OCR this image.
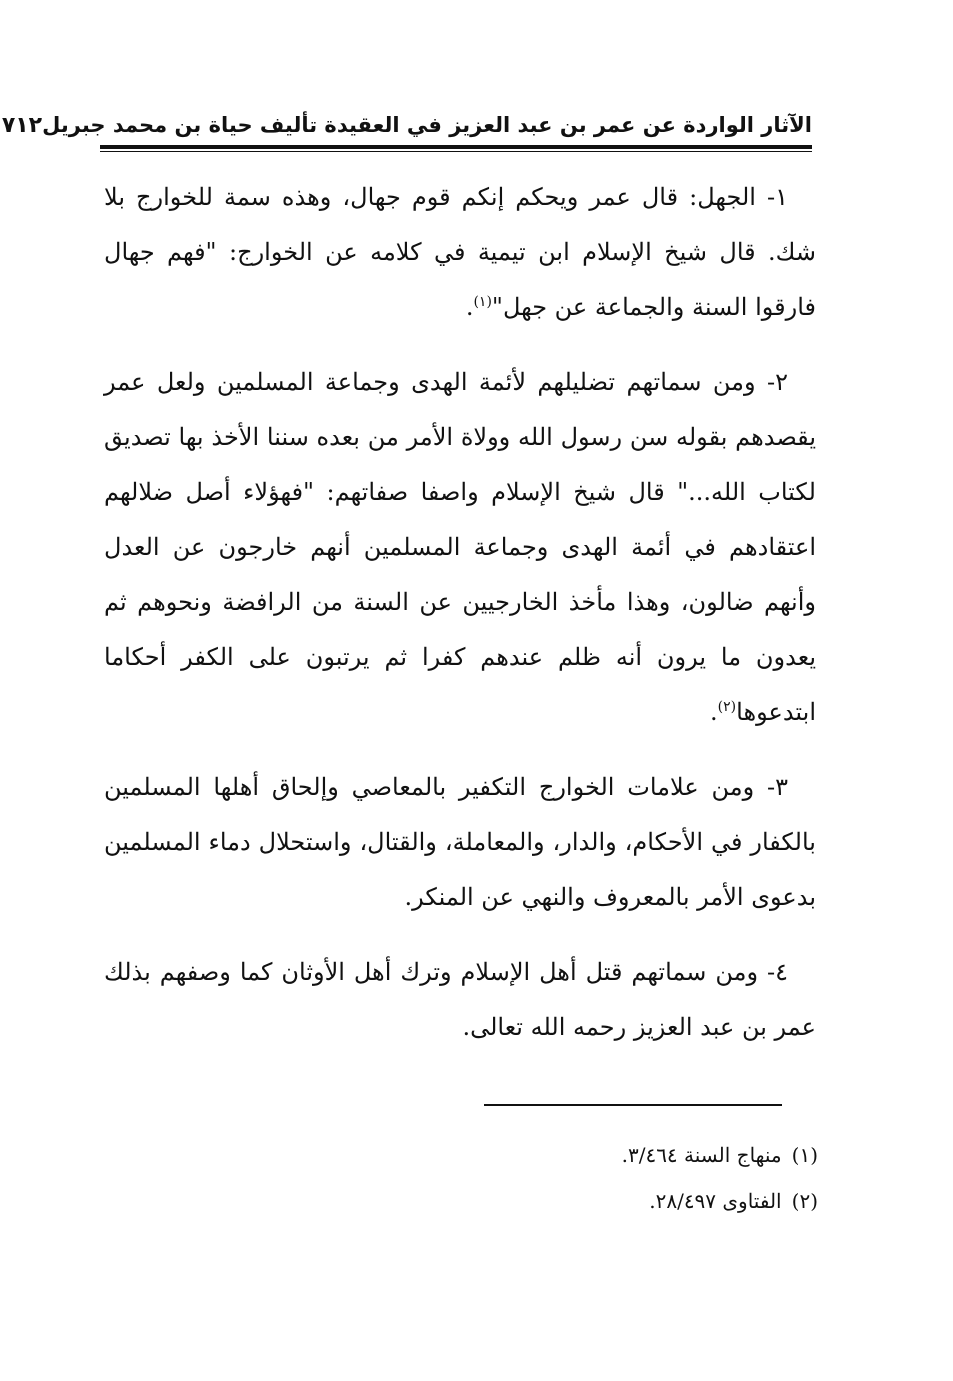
الآثار الواردة عن عمر بن عبد العزيز في العقيدة تأليف حياة بن محمد جبريل
٧١٢

١- الجهل: قال عمر ويحكم إنكم قوم جهال، وهذه سمة للخوارج بلا شك. قال شيخ الإسلام ابن تيمية في كلامه عن الخوارج: "فهم جهال فارقوا السنة والجماعة عن جهل"$^{(١)}$.

٢- ومن سماتهم تضليلهم لأئمة الهدى وجماعة المسلمين ولعل عمر يقصدهم بقوله سن رسول الله وولاة الأمر من بعده سننا الأخذ بها تصديق لكتاب الله..." قال شيخ الإسلام واصفا صفاتهم: "فهؤلاء أصل ضلالهم اعتقادهم في أئمة الهدى وجماعة المسلمين أنهم خارجون عن العدل وأنهم ضالون، وهذا مأخذ الخارجيين عن السنة من الرافضة ونحوهم ثم يعدون ما يرون أنه ظلم عندهم كفرا ثم يرتبون على الكفر أحكاما ابتدعوها$^{(٢)}$.

٣- ومن علامات الخوارج التكفير بالمعاصي وإلحاق أهلها المسلمين بالكفار في الأحكام، والدار، والمعاملة، والقتال، واستحلال دماء المسلمين بدعوى الأمر بالمعروف والنهي عن المنكر.

٤- ومن سماتهم قتل أهل الإسلام وترك أهل الأوثان كما وصفهم بذلك عمر بن عبد العزيز رحمه الله تعالى.

(١)منهاج السنة ٣/٤٦٤.
(٢)الفتاوى ٢٨/٤٩٧.
